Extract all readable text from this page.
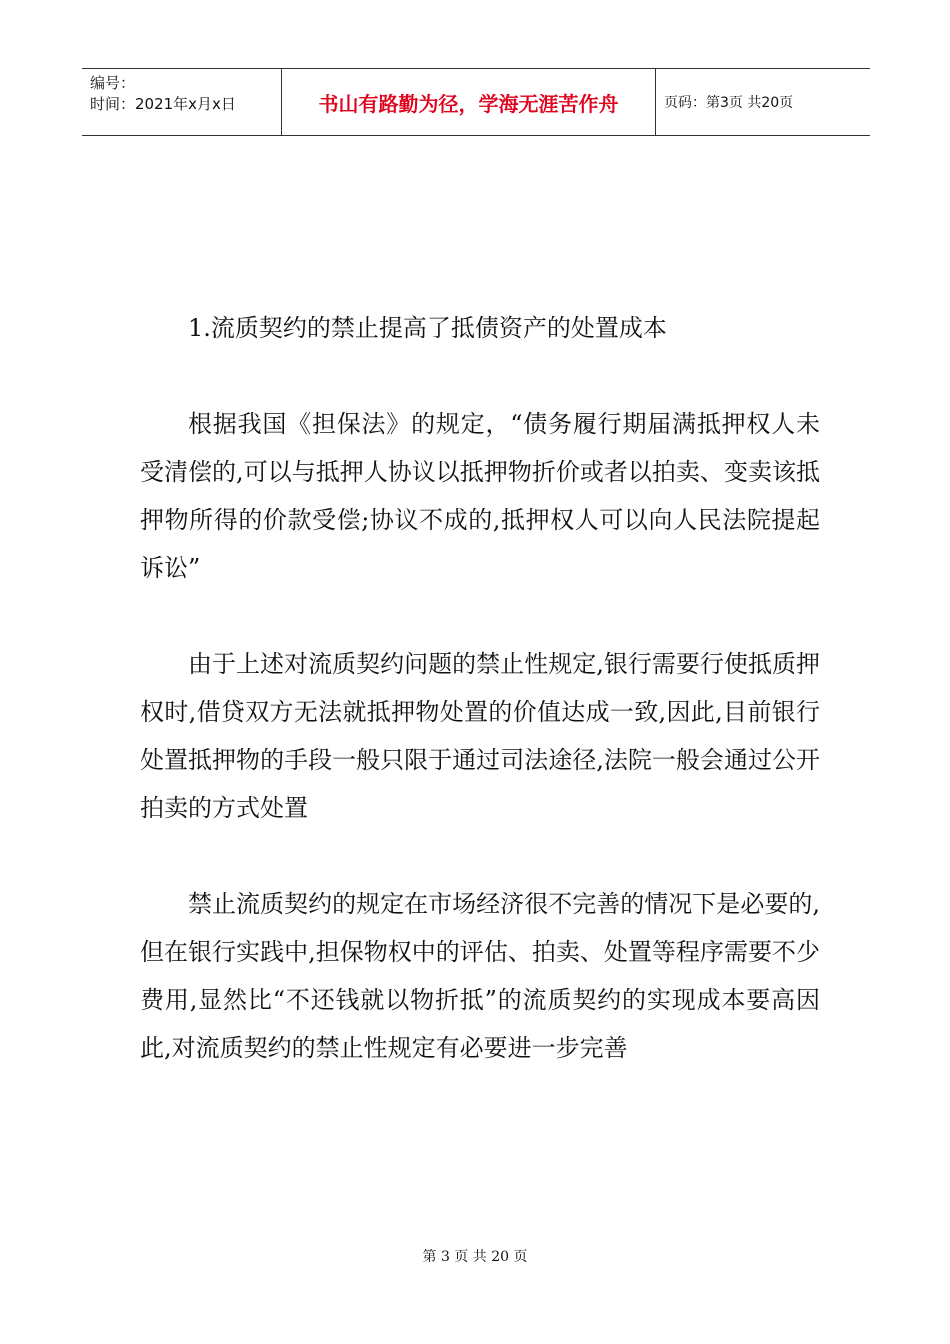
编号：
时间：2021年x月x日	书山有路勤为径，学海无涯苦作舟	页码：第3页 共20页

1.流质契约的禁止提高了抵债资产的处置成本

根据我国《担保法》的规定，“债务履行期届满抵押权人未受清偿的,可以与抵押人协议以抵押物折价或者以拍卖、变卖该抵押物所得的价款受偿;协议不成的,抵押权人可以向人民法院提起诉讼”

由于上述对流质契约问题的禁止性规定,银行需要行使抵质押权时,借贷双方无法就抵押物处置的价值达成一致,因此,目前银行处置抵押物的手段一般只限于通过司法途径,法院一般会通过公开拍卖的方式处置

禁止流质契约的规定在市场经济很不完善的情况下是必要的,但在银行实践中,担保物权中的评估、拍卖、处置等程序需要不少费用,显然比“不还钱就以物折抵”的流质契约的实现成本要高因此,对流质契约的禁止性规定有必要进一步完善

第 3 页 共 20 页
